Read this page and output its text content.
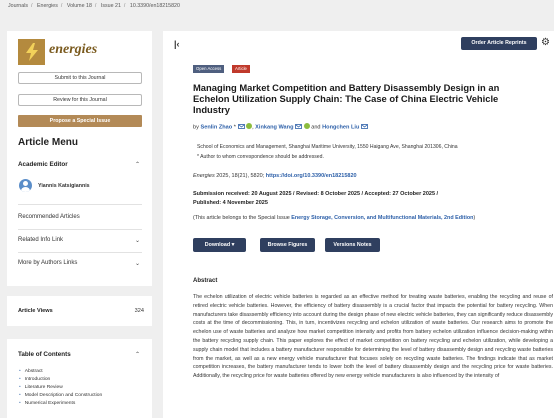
Journals / Energies / Volume 18 / Issue 21 / 10.3390/en18215820
energies
Submit to this Journal
Review for this Journal
Propose a Special Issue
Article Menu
Academic Editor	⌃
Yiannis Katsigiannis
Recommended Articles
Related Info Link	⌄
More by Authors Links	⌄
Article Views	324
Table of Contents	⌃
• Abstract
• Introduction
• Literature Review
• Model Description and Construction
• Numerical Experiments
|‹	Order Article Reprints	⚙
Open Access	Article
Managing Market Competition and Battery Disassembly Design in an Echelon Utilization Supply Chain: The Case of China Electric Vehicle Industry
by Senlin Zhao *	, Xinkang Wang	and Hongchen Liu
School of Economics and Management, Shanghai Maritime University, 1550 Haigang Ave, Shanghai 201306, China
* Author to whom correspondence should be addressed.
Energies 2025, 18(21), 5820; https://doi.org/10.3390/en18215820
Submission received: 20 August 2025 / Revised: 8 October 2025 / Accepted: 27 October 2025 /
Published: 4 November 2025
(This article belongs to the Special Issue Energy Storage, Conversion, and Multifunctional Materials, 2nd Edition)
Download ▾	Browse Figures	Versions Notes
Abstract
The echelon utilization of electric vehicle batteries is regarded as an effective method for treating waste batteries, enabling the recycling and reuse of retired electric vehicle batteries. However, the efficiency of battery disassembly is a crucial factor that impacts the potential for battery recycling. When manufacturers take disassembly efficiency into account during the design phase of new electric vehicle batteries, they can significantly reduce disassembly costs at the time of decommissioning. This, in turn, incentivizes recycling and echelon utilization of waste batteries. Our research aims to promote the echelon use of waste batteries and analyze how market competition intensity and profits from battery echelon utilization influence decision-making within the battery recycling supply chain. This paper explores the effect of market competition on battery recycling and echelon utilization, while developing a supply chain model that includes a battery manufacturer responsible for determining the level of battery disassembly design and recycling waste batteries from the market, as well as a new energy vehicle manufacturer that focuses solely on recycling waste batteries. The findings indicate that as market competition increases, the battery manufacturer tends to lower both the level of battery disassembly design and the recycling price for waste batteries. Additionally, the recycling price for waste batteries offered by new energy vehicle manufacturers is also influenced by the intensity of
